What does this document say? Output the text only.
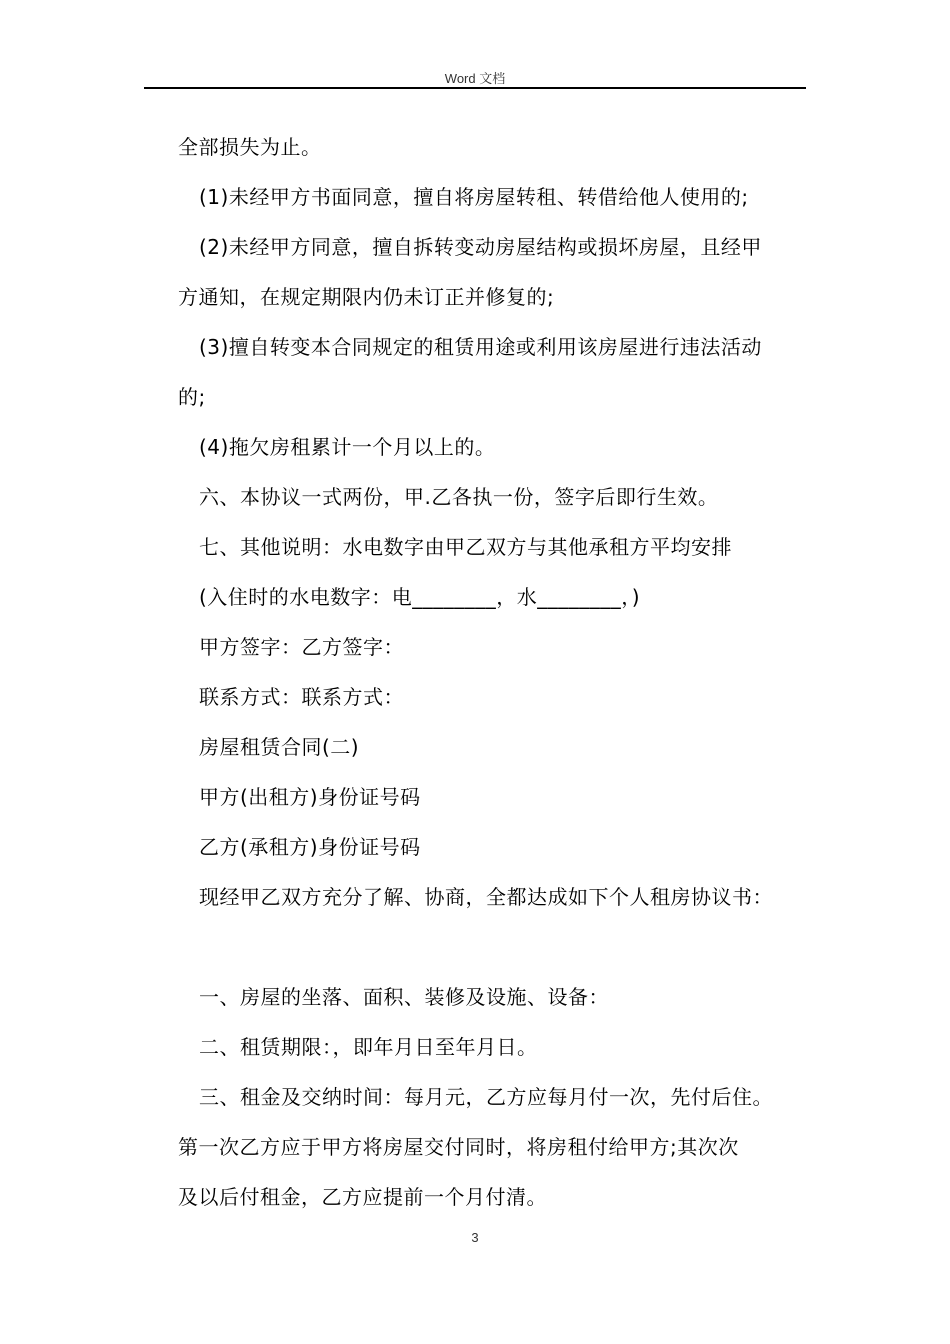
Word 文档
全部损失为止。
(1)未经甲方书面同意，擅自将房屋转租、转借给他人使用的;
(2)未经甲方同意，擅自拆转变动房屋结构或损坏房屋，且经甲
方通知，在规定期限内仍未订正并修复的;
(3)擅自转变本合同规定的租赁用途或利用该房屋进行违法活动
的;
(4)拖欠房租累计一个月以上的。
六、本协议一式两份，甲.乙各执一份，签字后即行生效。
七、其他说明：水电数字由甲乙双方与其他承租方平均安排
(入住时的水电数字：电________，水________，)
甲方签字：乙方签字：
联系方式：联系方式：
房屋租赁合同(二)
甲方(出租方)身份证号码
乙方(承租方)身份证号码
现经甲乙双方充分了解、协商，全都达成如下个人租房协议书：
一、房屋的坐落、面积、装修及设施、设备：
二、租赁期限：，即年月日至年月日。
三、租金及交纳时间：每月元，乙方应每月付一次，先付后住。
第一次乙方应于甲方将房屋交付同时，将房租付给甲方;其次次
及以后付租金，乙方应提前一个月付清。
3
